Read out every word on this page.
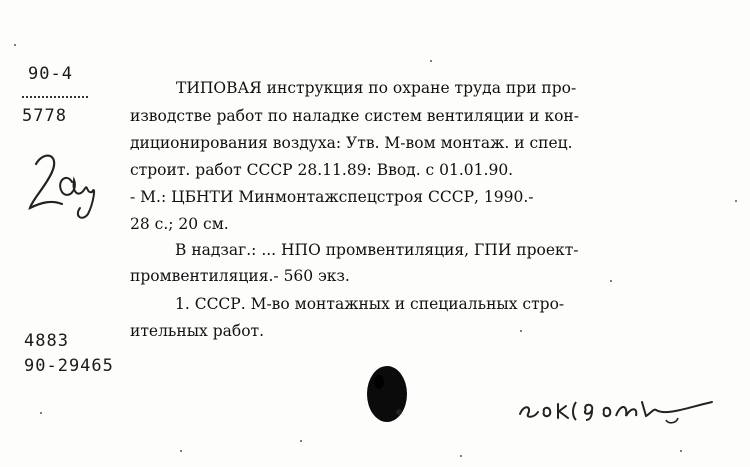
90-4
5778
ТИПОВАЯ инструкция по охране труда при про-
изводстве работ по наладке систем вентиляции и кон-
диционирования воздуха: Утв. М-вом монтаж. и спец.
строит. работ СССР 28.11.89: Ввод. с 01.01.90.
- М.: ЦБНТИ Минмонтажспецстроя СССР, 1990.-
28 с.; 20 см.
В надзаг.: ... НПО промвентиляция, ГПИ проект-
промвентиляция.- 560 экз.
1. СССР. М-во монтажных и специальных стро-
ительных работ.
4883
90-29465
